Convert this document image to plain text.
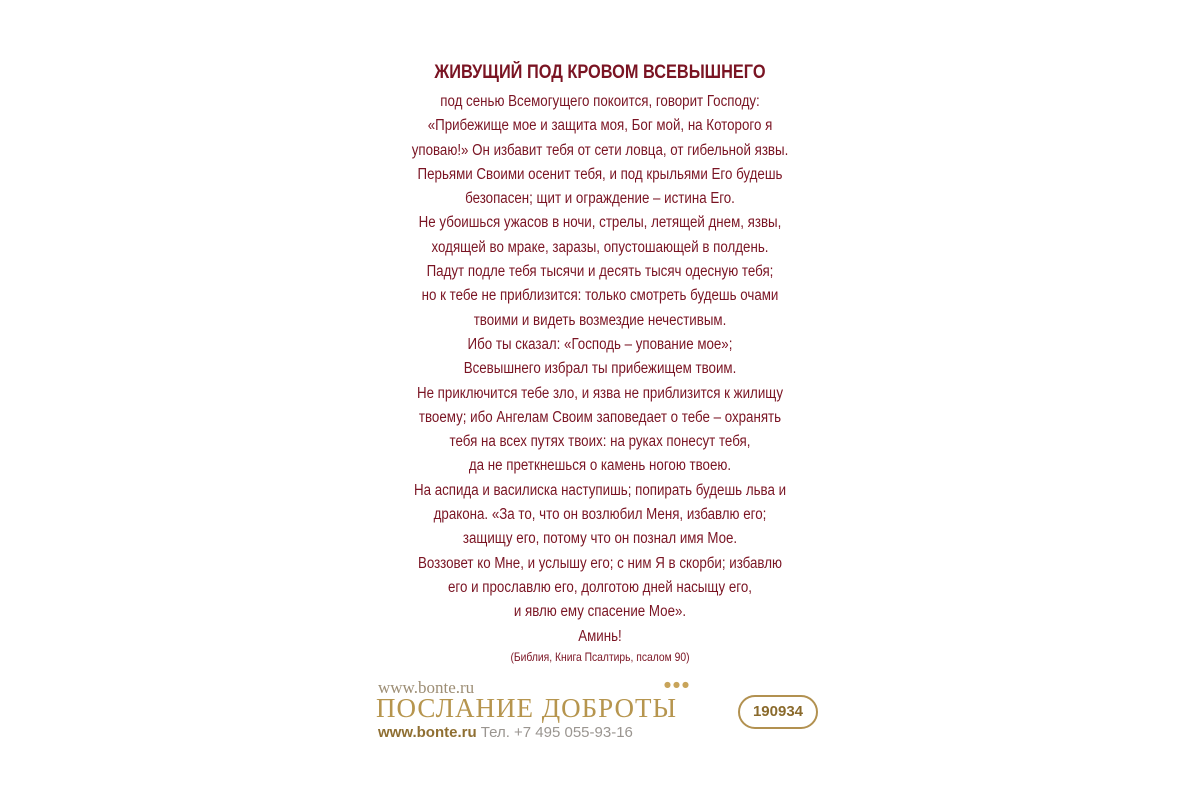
ЖИВУЩИЙ ПОД КРОВОМ ВСЕВЫШНЕГО
под сенью Всемогущего покоится, говорит Господу:
«Прибежище мое и защита моя, Бог мой, на Которого я
уповаю!» Он избавит тебя от сети ловца, от гибельной язвы.
Перьями Своими осенит тебя, и под крыльями Его будешь
безопасен; щит и ограждение – истина Его.
Не убоишься ужасов в ночи, стрелы, летящей днем, язвы,
ходящей во мраке, заразы, опустошающей в полдень.
Падут подле тебя тысячи и десять тысяч одесную тебя;
но к тебе не приблизится: только смотреть будешь очами
твоими и видеть возмездие нечестивым.
Ибо ты сказал: «Господь – упование мое»;
Всевышнего избрал ты прибежищем твоим.
Не приключится тебе зло, и язва не приблизится к жилищу
твоему; ибо Ангелам Своим заповедает о тебе – охранять
тебя на всех путях твоих: на руках понесут тебя,
да не преткнешься о камень ногою твоею.
На аспида и василиска наступишь; попирать будешь льва и
дракона. «За то, что он возлюбил Меня, избавлю его;
защищу его, потому что он познал имя Мое.
Воззовет ко Мне, и услышу его; с ним Я в скорби; избавлю
его и прославлю его, долготою дней насыщу его,
и явлю ему спасение Мое».
Аминь!
(Библия, Книга Псалтирь, псалом 90)
www.bonte.ru	●●●
ПОСЛАНИЕ ДОБРОТЫ
www.bonte.ru Тел. +7 495 055-93-16
190934
